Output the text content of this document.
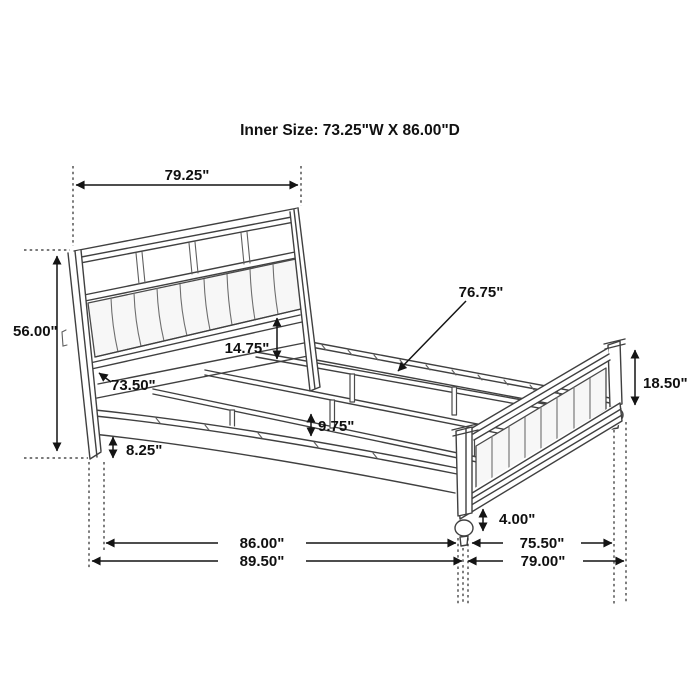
Inner Size: 73.25"W X 86.00"D
79.25"
56.00"
73.50"
14.75"
76.75"
9.75"
8.25"
18.50"
4.00"
86.00"	75.50"
89.50"	79.00"
